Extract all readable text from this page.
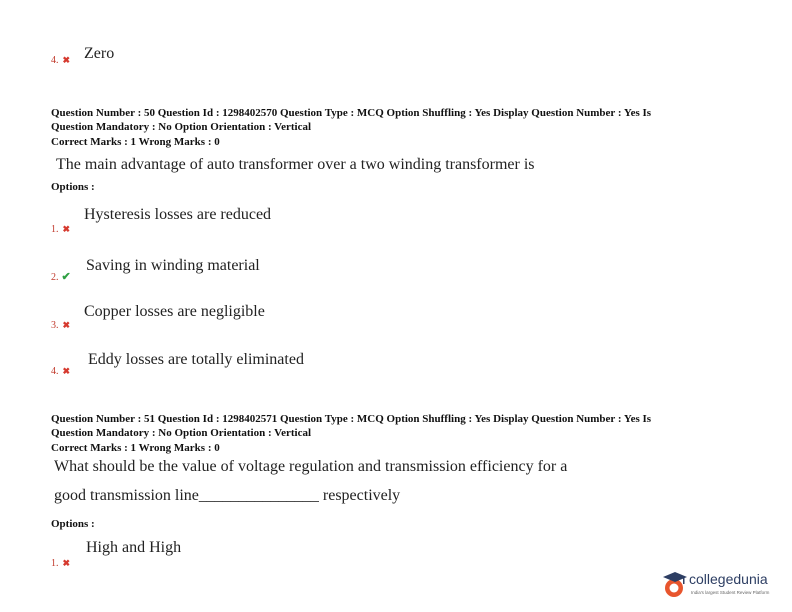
4. ✖ Zero
Question Number : 50 Question Id : 1298402570 Question Type : MCQ Option Shuffling : Yes Display Question Number : Yes Is
Question Mandatory : No Option Orientation : Vertical
Correct Marks : 1 Wrong Marks : 0
The main advantage of auto transformer over a two winding transformer is
Options :
1. ✖
Hysteresis losses are reduced
2. ✔
Saving in winding material
3. ✖
Copper losses are negligible
4. ✖
Eddy losses are totally eliminated
Question Number : 51 Question Id : 1298402571 Question Type : MCQ Option Shuffling : Yes Display Question Number : Yes Is
Question Mandatory : No Option Orientation : Vertical
Correct Marks : 1 Wrong Marks : 0
What should be the value of voltage regulation and transmission efficiency for a
good transmission line_______________ respectively
Options :
1. ✖
High and High
collegedunia
India's largest Student Review Platform
